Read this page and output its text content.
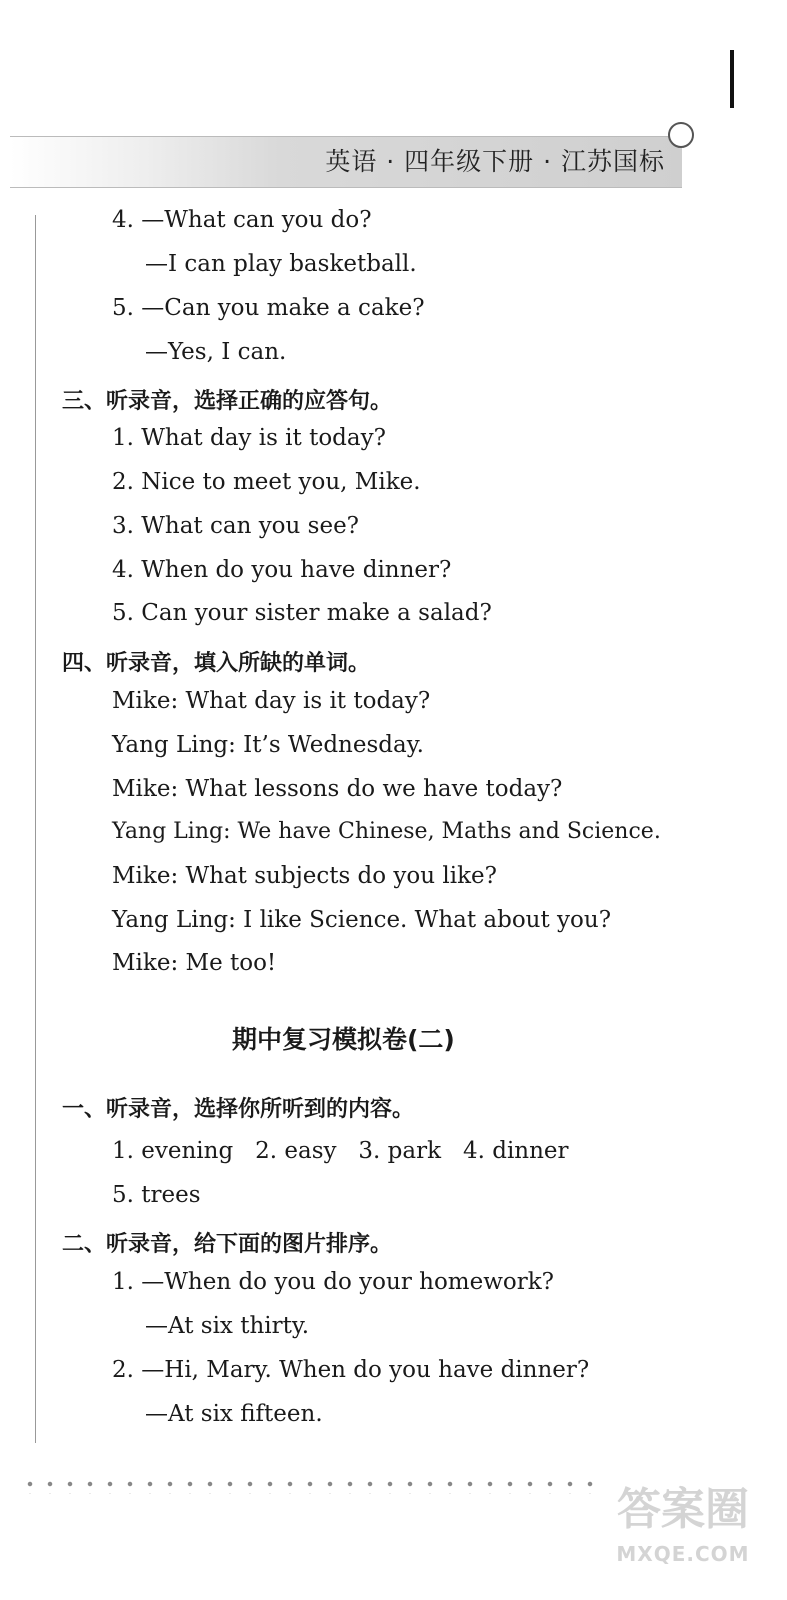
英语 · 四年级下册 · 江苏国标
4. —What can you do?
—I can play basketball.
5. —Can you make a cake?
—Yes, I can.
三、听录音，选择正确的应答句。
1. What day is it today?
2. Nice to meet you, Mike.
3. What can you see?
4. When do you have dinner?
5. Can your sister make a salad?
四、听录音，填入所缺的单词。
Mike: What day is it today?
Yang Ling: It’s Wednesday.
Mike: What lessons do we have today?
Yang Ling: We have Chinese, Maths and Science.
Mike: What subjects do you like?
Yang Ling: I like Science. What about you?
Mike: Me too!
期中复习模拟卷(二)
一、听录音，选择你所听到的内容。
1. evening   2. easy   3. park   4. dinner
5. trees
二、听录音，给下面的图片排序。
1. —When do you do your homework?
—At six thirty.
2. —Hi, Mary. When do you have dinner?
—At six fifteen.
答案圈
MXQE.COM
